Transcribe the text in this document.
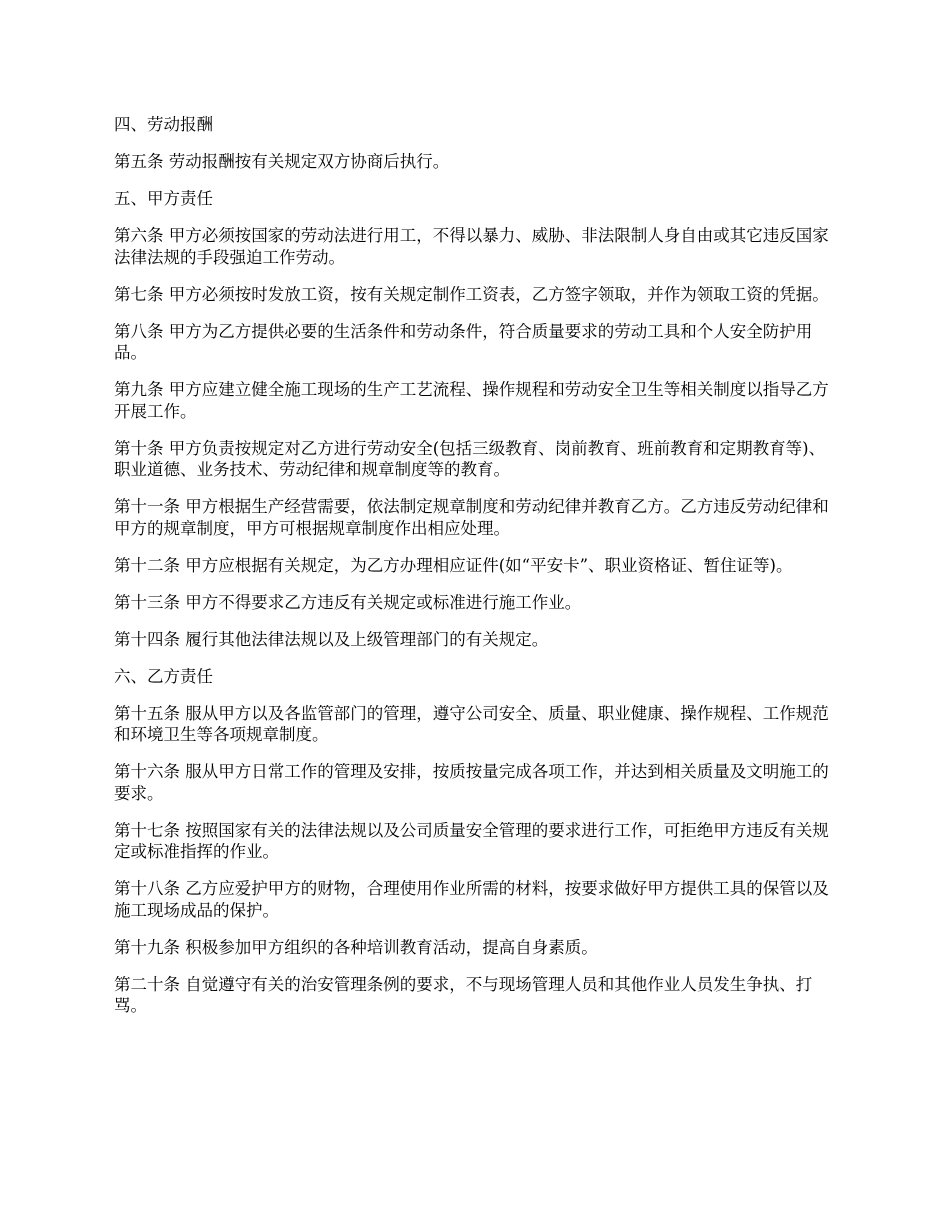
四、劳动报酬

第五条 劳动报酬按有关规定双方协商后执行。

五、甲方责任

第六条 甲方必须按国家的劳动法进行用工，不得以暴力、威胁、非法限制人身自由或其它违反国家法律法规的手段强迫工作劳动。

第七条 甲方必须按时发放工资，按有关规定制作工资表，乙方签字领取，并作为领取工资的凭据。

第八条 甲方为乙方提供必要的生活条件和劳动条件，符合质量要求的劳动工具和个人安全防护用品。

第九条 甲方应建立健全施工现场的生产工艺流程、操作规程和劳动安全卫生等相关制度以指导乙方开展工作。

第十条 甲方负责按规定对乙方进行劳动安全(包括三级教育、岗前教育、班前教育和定期教育等)、职业道德、业务技术、劳动纪律和规章制度等的教育。

第十一条 甲方根据生产经营需要，依法制定规章制度和劳动纪律并教育乙方。乙方违反劳动纪律和甲方的规章制度，甲方可根据规章制度作出相应处理。

第十二条 甲方应根据有关规定，为乙方办理相应证件(如“平安卡”、职业资格证、暂住证等)。

第十三条 甲方不得要求乙方违反有关规定或标准进行施工作业。

第十四条 履行其他法律法规以及上级管理部门的有关规定。

六、乙方责任

第十五条 服从甲方以及各监管部门的管理，遵守公司安全、质量、职业健康、操作规程、工作规范和环境卫生等各项规章制度。

第十六条 服从甲方日常工作的管理及安排，按质按量完成各项工作，并达到相关质量及文明施工的要求。

第十七条 按照国家有关的法律法规以及公司质量安全管理的要求进行工作，可拒绝甲方违反有关规定或标准指挥的作业。

第十八条 乙方应爱护甲方的财物，合理使用作业所需的材料，按要求做好甲方提供工具的保管以及施工现场成品的保护。

第十九条 积极参加甲方组织的各种培训教育活动，提高自身素质。

第二十条 自觉遵守有关的治安管理条例的要求，不与现场管理人员和其他作业人员发生争执、打骂。
